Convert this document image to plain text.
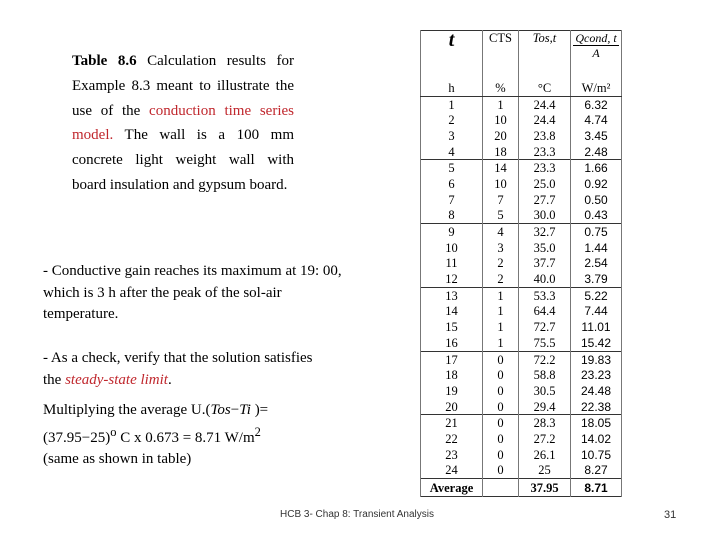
Table 8.6 Calculation results for Example 8.3 meant to illustrate the use of the conduction time series model. The wall is a 100 mm concrete light weight wall with board insulation and gypsum board.
- Conductive gain reaches its maximum at 19: 00, which is 3 h after the peak of the sol-air temperature.
- As a check, verify that the solution satisfies the steady-state limit.
Multiplying the average U.(Tos−Ti )=
$(37.95-25)^o$ C x 0.673 = 8.71 $W/m^2$
(same as shown in table)
t	CTS	Tos,t	$\frac{\text{Qcond, t}}{A}$

h	%	°C	W/m²
1	1	24.4	6.32
2	10	24.4	4.74
3	20	23.8	3.45
4	18	23.3	2.48
5	14	23.3	1.66
6	10	25.0	0.92
7	7	27.7	0.50
8	5	30.0	0.43
9	4	32.7	0.75
10	3	35.0	1.44
11	2	37.7	2.54
12	2	40.0	3.79
13	1	53.3	5.22
14	1	64.4	7.44
15	1	72.7	11.01
16	1	75.5	15.42
17	0	72.2	19.83
18	0	58.8	23.23
19	0	30.5	24.48
20	0	29.4	22.38
21	0	28.3	18.05
22	0	27.2	14.02
23	0	26.1	10.75
24	0	25	8.27
Average		37.95	8.71
HCB 3- Chap 8: Transient Analysis	31
